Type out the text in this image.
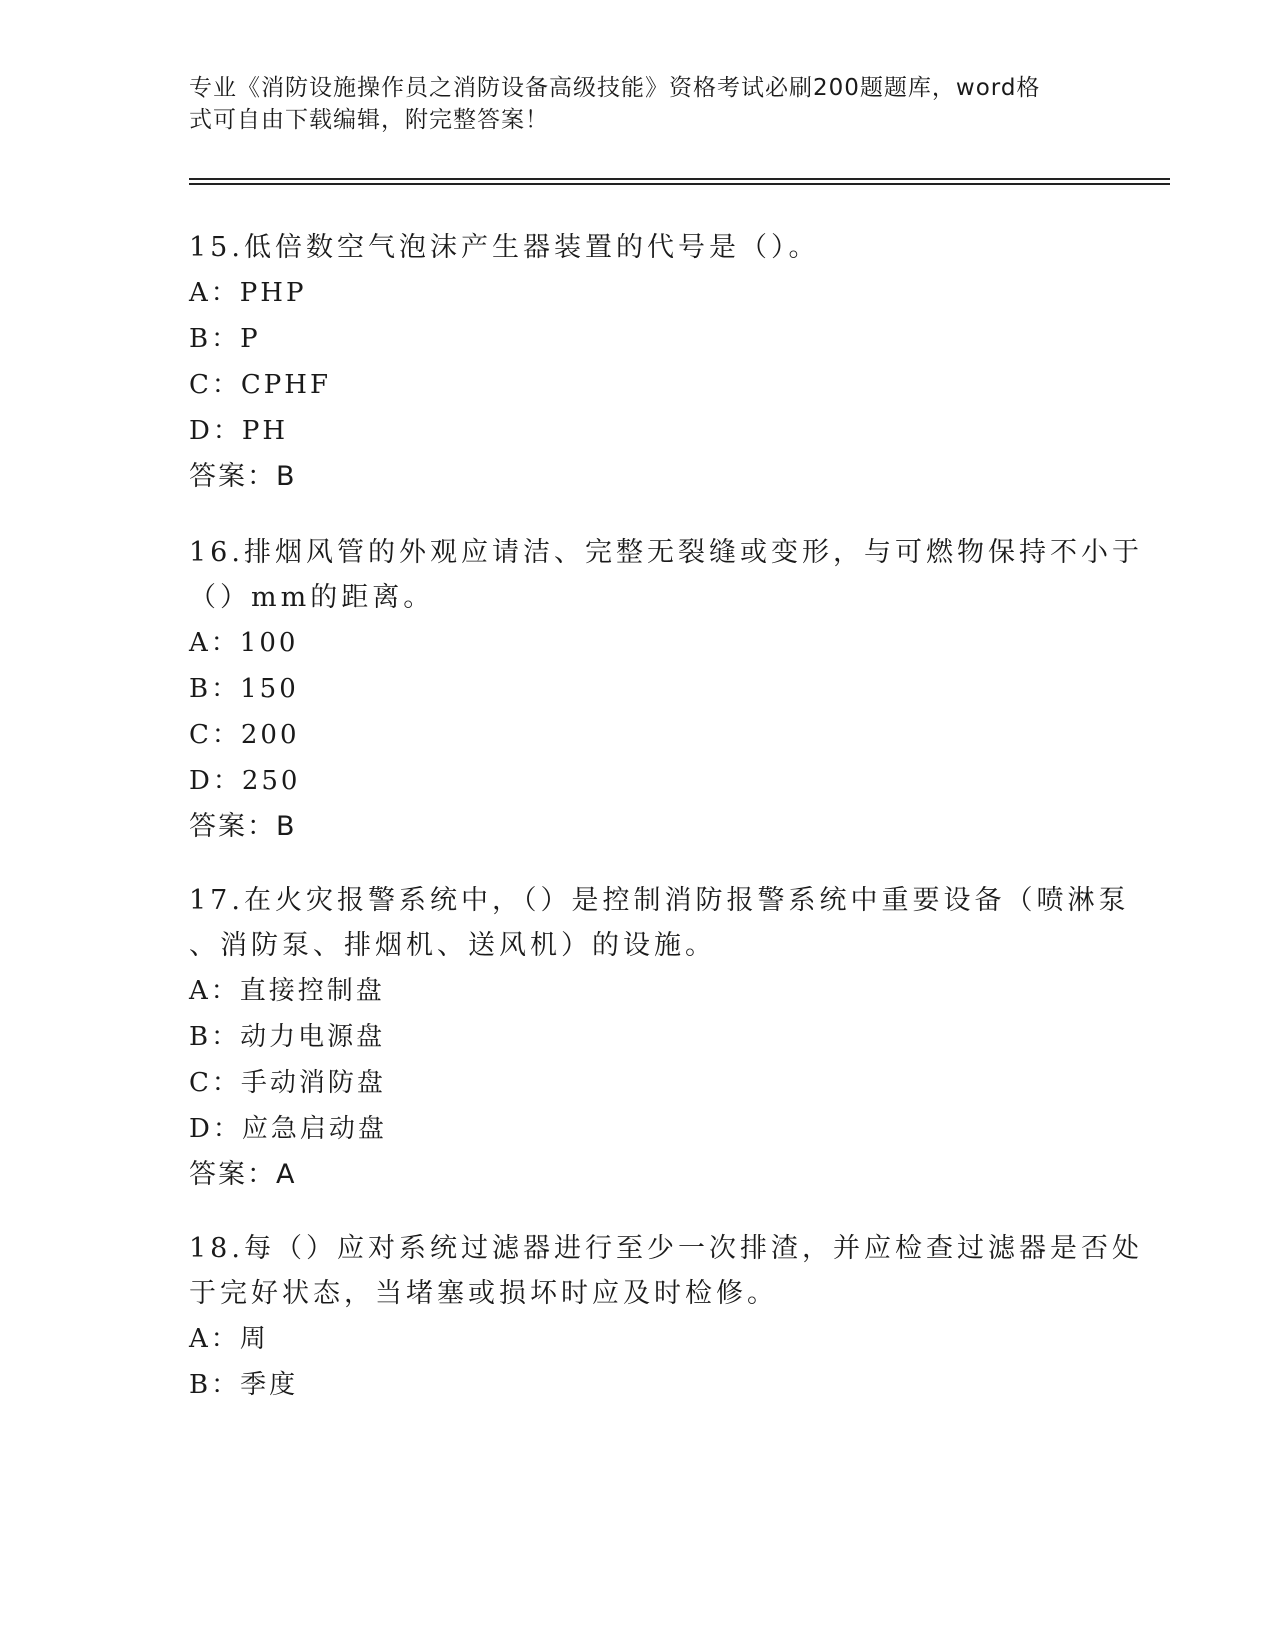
专业《消防设施操作员之消防设备高级技能》资格考试必刷200题题库，word格
式可自由下载编辑，附完整答案！
15.低倍数空气泡沫产生器装置的代号是（）。
A：PHP
B：P
C：CPHF
D：PH
答案：B
16.排烟风管的外观应请洁、完整无裂缝或变形，与可燃物保持不小于
（）mm的距离。
A：100
B：150
C：200
D：250
答案：B
17.在火灾报警系统中，（）是控制消防报警系统中重要设备（喷淋泵
、消防泵、排烟机、送风机）的设施。
A：直接控制盘
B：动力电源盘
C：手动消防盘
D：应急启动盘
答案：A
18.每（）应对系统过滤器进行至少一次排渣，并应检查过滤器是否处
于完好状态，当堵塞或损坏时应及时检修。
A：周
B：季度
